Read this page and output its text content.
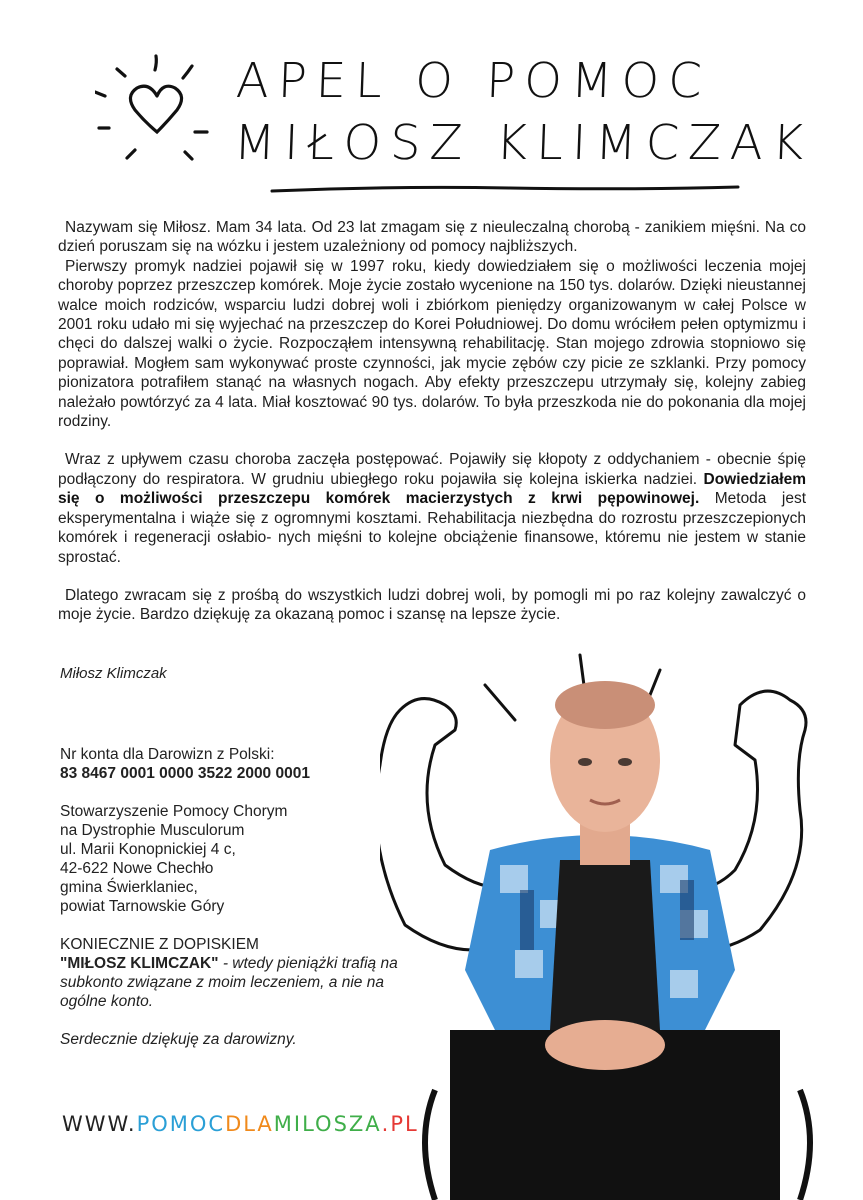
APEL O POMOC
MIŁOSZ KLIMCZAK

Nazywam się Miłosz. Mam 34 lata. Od 23 lat zmagam się z nieuleczalną chorobą - zanikiem mięśni. Na co dzień poruszam się na wózku i jestem uzależniony od pomocy najbliższych.

Pierwszy promyk nadziei pojawił się w 1997 roku, kiedy dowiedziałem się o możliwości leczenia mojej choroby poprzez przeszczep komórek. Moje życie zostało wycenione na 150 tys. dolarów. Dzięki nieustannej walce moich rodziców, wsparciu ludzi dobrej woli i zbiórkom pieniędzy organizowanym w całej Polsce w 2001 roku udało mi się wyjechać na przeszczep do Korei Południowej. Do domu wróciłem pełen optymizmu i chęci do dalszej walki o życie. Rozpocząłem intensywną rehabilitację. Stan mojego zdrowia stopniowo się poprawiał. Mogłem sam wykonywać proste czynności, jak mycie zębów czy picie ze szklanki. Przy pomocy pionizatora potrafiłem stanąć na własnych nogach. Aby efekty przeszczepu utrzymały się, kolejny zabieg należało powtórzyć za 4 lata. Miał kosztować 90 tys. dolarów. To była przeszkoda nie do pokonania dla mojej rodziny.

Wraz z upływem czasu choroba zaczęła postępować. Pojawiły się kłopoty z oddychaniem - obecnie śpię podłączony do respiratora. W grudniu ubiegłego roku pojawiła się kolejna iskierka nadziei. Dowiedziałem się o możliwości przeszczepu komórek macierzystych z krwi pępowinowej. Metoda jest eksperymentalna i wiąże się z ogromnymi kosztami. Rehabilitacja niezbędna do rozrostu przeszczepionych komórek i regeneracji osłabio- nych mięśni to kolejne obciążenie finansowe, któremu nie jestem w stanie sprostać.

Dlatego zwracam się z prośbą do wszystkich ludzi dobrej woli, by pomogli mi po raz kolejny zawalczyć o moje życie. Bardzo dziękuję za okazaną pomoc i szansę na lepsze życie.

Miłosz Klimczak
Nr konta dla Darowizn z Polski:
83 8467 0001 0000 3522 2000 0001
Stowarzyszenie Pomocy Chorym
na Dystrophie Musculorum
ul. Marii Konopnickiej 4 c,
42-622 Nowe Chechło
gmina Świerklaniec,
powiat Tarnowskie Góry
KONIECZNIE Z DOPISKIEM
"MIŁOSZ KLIMCZAK" - wtedy pieniążki trafią na subkonto związane z moim leczeniem, a nie na ogólne konto.
Serdecznie dziękuję za darowizny.
WWW.POMOCDLAMILOSZA.PL
